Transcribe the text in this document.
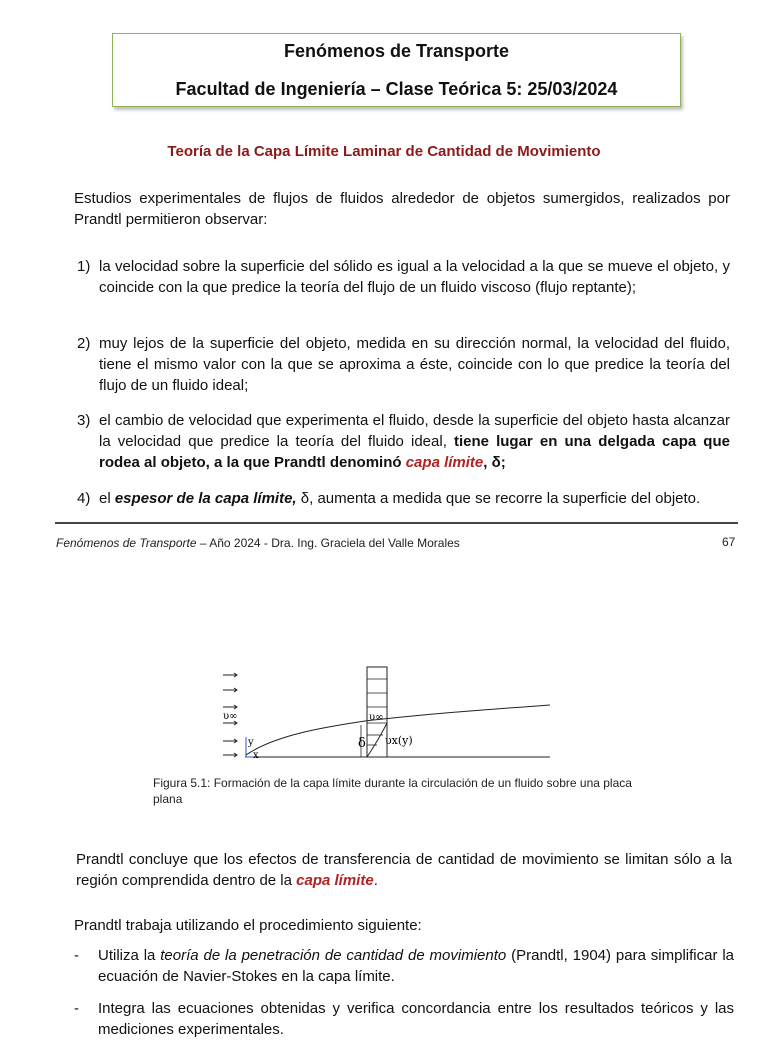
Fenómenos de Transporte
Facultad de Ingeniería – Clase Teórica 5: 25/03/2024
Teoría de la Capa Límite Laminar de Cantidad de Movimiento
Estudios experimentales de flujos de fluidos alrededor de objetos sumergidos, realizados por Prandtl permitieron observar:
1) la velocidad sobre la superficie del sólido es igual a la velocidad a la que se mueve el objeto, y coincide con la que predice la teoría del flujo de un fluido viscoso (flujo reptante);
2) muy lejos de la superficie del objeto, medida en su dirección normal, la velocidad del fluido, tiene el mismo valor con la que se aproxima a éste, coincide con lo que predice la teoría del flujo de un fluido ideal;
3) el cambio de velocidad que experimenta el fluido, desde la superficie del objeto hasta alcanzar la velocidad que predice la teoría del fluido ideal, tiene lugar en una delgada capa que rodea al objeto, a la que Prandtl denominó capa límite, δ;
4) el espesor de la capa límite, δ, aumenta a medida que se recorre la superficie del objeto.
Fenómenos de Transporte – Año 2024 - Dra. Ing. Graciela del Valle Morales	67
υ∞
y
x
υ∞
δ υx(y)
Figura 5.1: Formación de la capa límite durante la circulación de un fluido sobre una placa plana
Prandtl concluye que los efectos de transferencia de cantidad de movimiento se limitan sólo a la región comprendida dentro de la capa límite.
Prandtl trabaja utilizando el procedimiento siguiente:
- Utiliza la teoría de la penetración de cantidad de movimiento (Prandtl, 1904) para simplificar la ecuación de Navier-Stokes en la capa límite.
- Integra las ecuaciones obtenidas y verifica concordancia entre los resultados teóricos y las mediciones experimentales.
